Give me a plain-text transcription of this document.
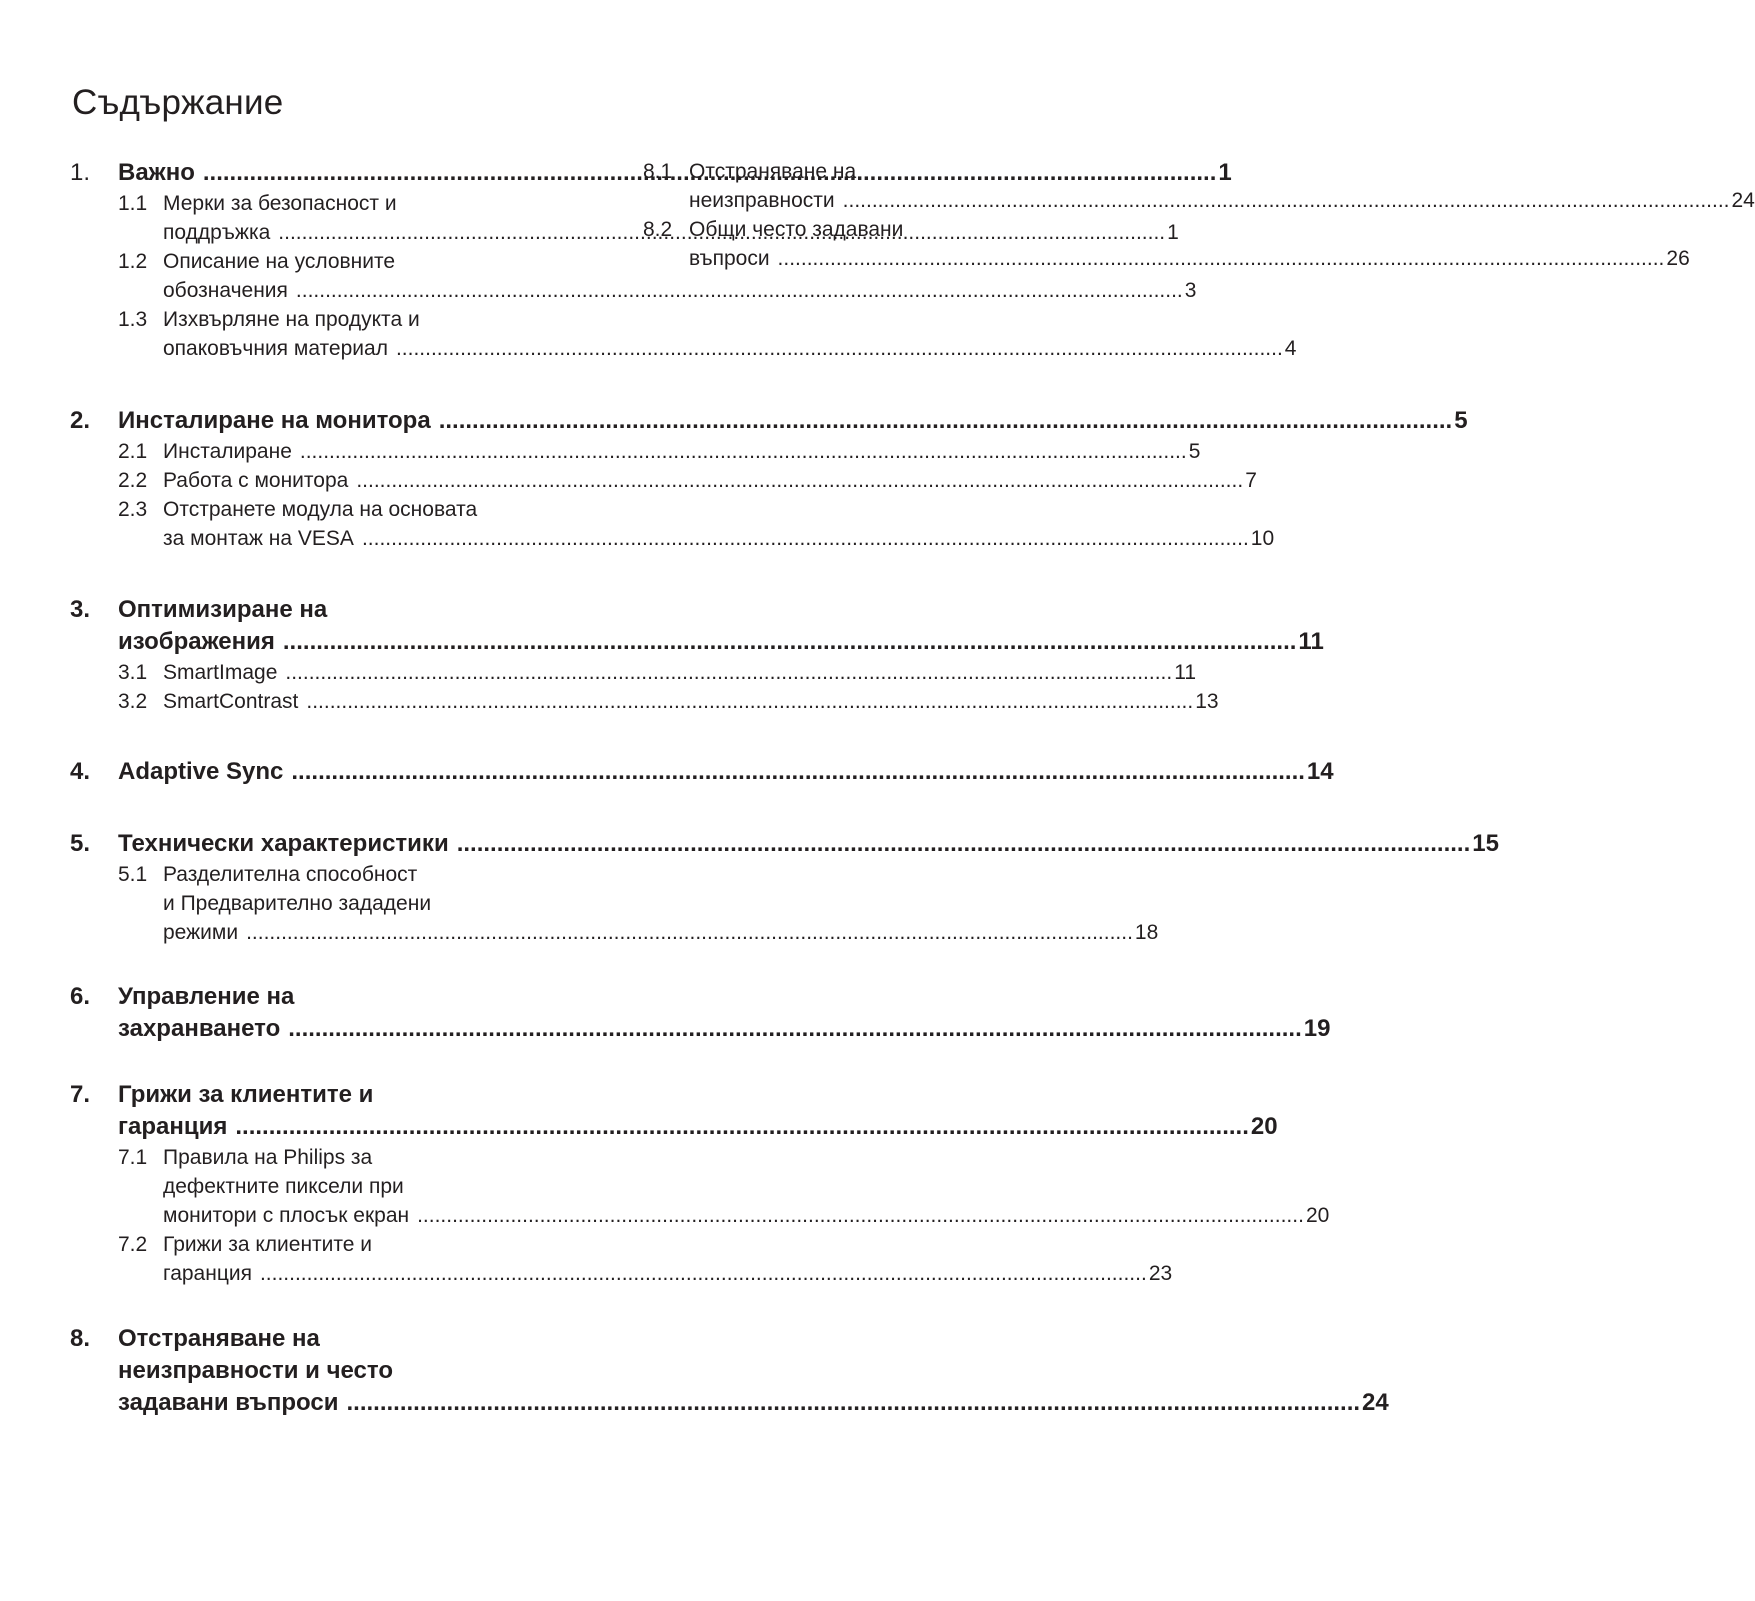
Съдържание
1.	Важно .....	1
1.1 Мерки за безопасност и
поддръжка .....	1
1.2 Описание на условните
обозначения .....	3
1.3 Изхвърляне на продукта и
опаковъчния материал .....	4
2.	Инсталиране на монитора .....	5
2.1 Инсталиране .....	5
2.2 Работа с монитора .....	7
2.3 Отстранете модула на основата
за монтаж на VESA .....	10
3.	Оптимизиране на
изображения .....	11
3.1 SmartImage .....	11
3.2 SmartContrast .....	13
4.	Adaptive Sync .....	14
5.	Технически характеристики .....	15
5.1 Разделителна способност
и Предварително зададени
режими .....	18
6.	Управление на
захранването .....	19
7.	Грижи за клиентите и
гаранция .....	20
7.1 Правила на Philips за
дефектните пиксели при
монитори с плосък екран .....	20
7.2 Грижи за клиентите и
гаранция .....	23
8.	Отстраняване на
неизправности и често
задавани въпроси .....	24
8.1 Отстраняване на
неизправности .....	24
8.2 Общи често задавани
въпроси .....	26
